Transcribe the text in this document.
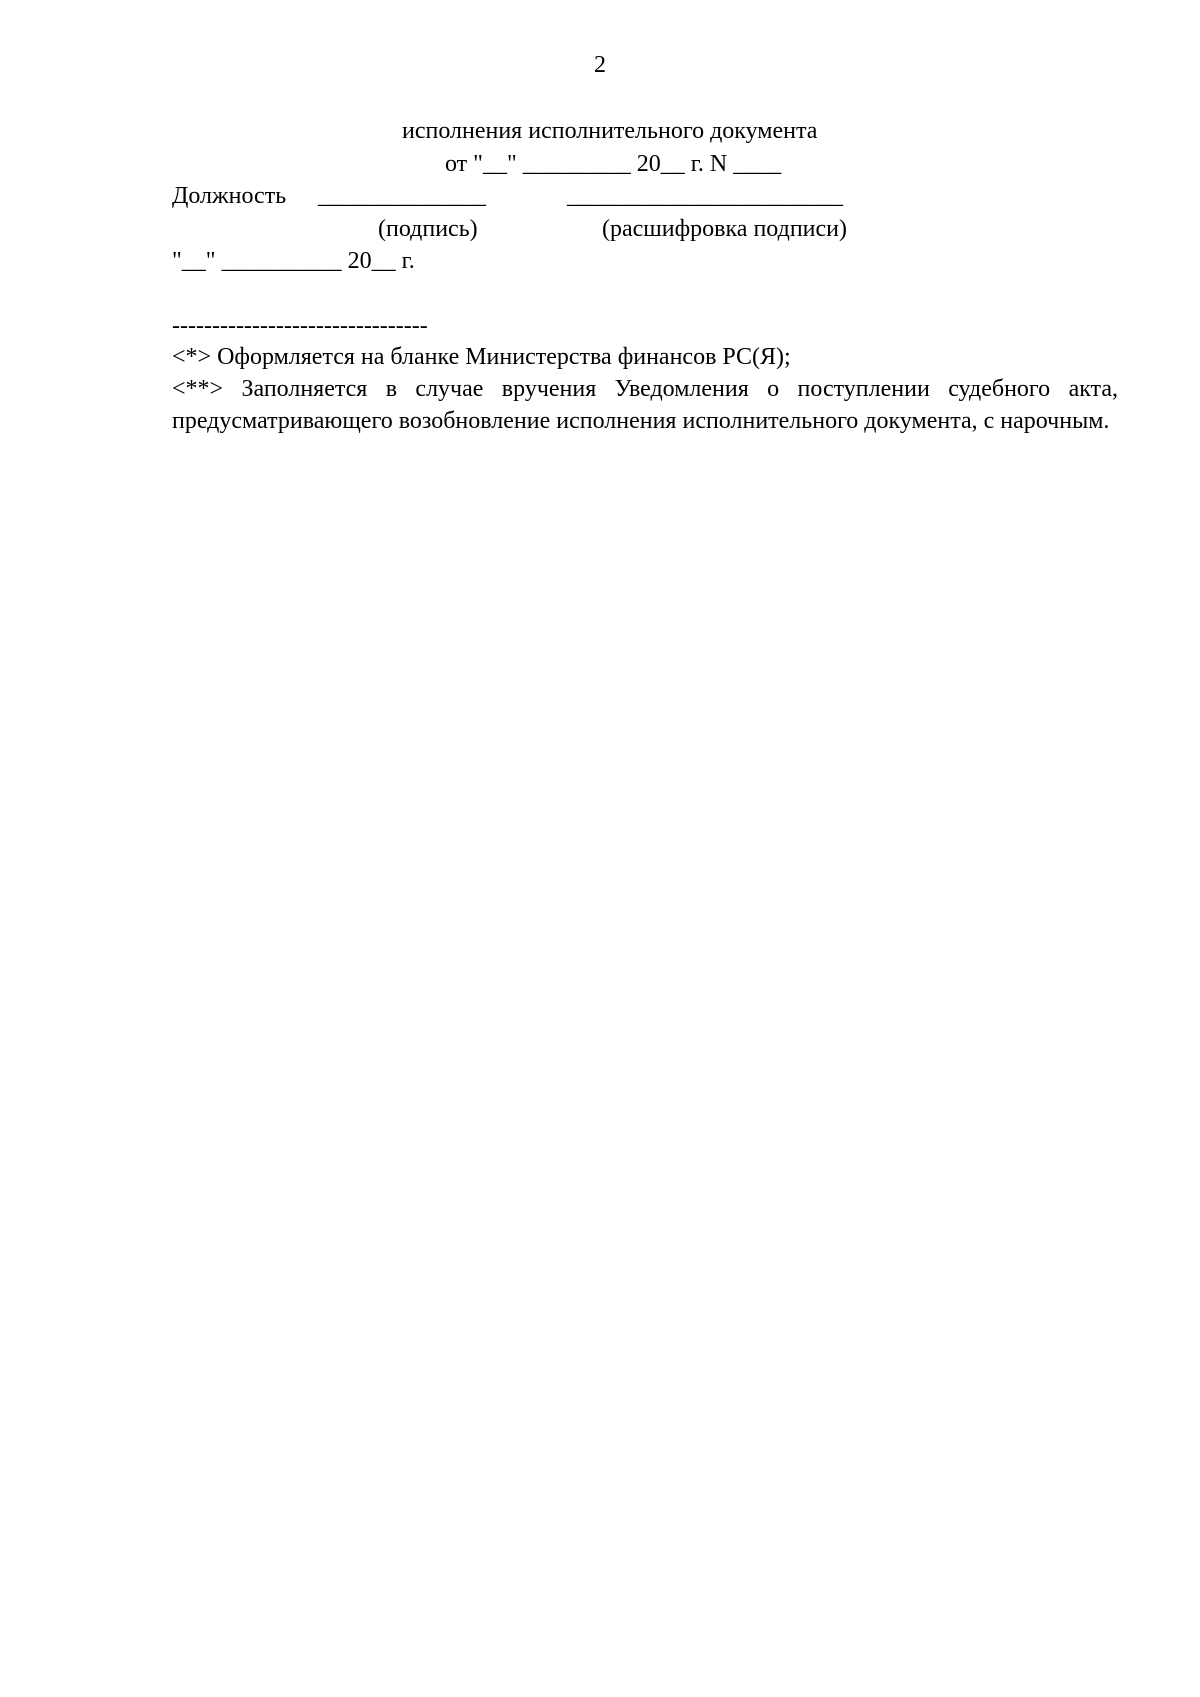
2
исполнения исполнительного документа
от "__" _________ 20__ г. N ____
Должность ______________	_______________________
(подпись)	(расшифровка подписи)
"__" __________ 20__ г.
--------------------------------

<*> Оформляется на бланке Министерства финансов РС(Я);

<**> Заполняется в случае вручения Уведомления о поступлении судебного акта, предусматривающего возобновление исполнения исполнительного документа, с нарочным.
